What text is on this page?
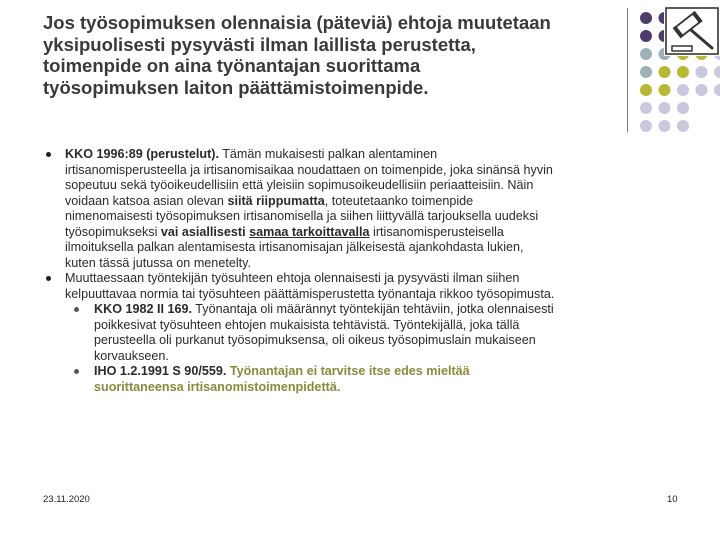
Jos työsopimuksen olennaisia (päteviä) ehtoja muutetaan
yksipuolisesti pysyvästi ilman laillista perustetta,
toimenpide on aina työnantajan suorittama
työsopimuksen laiton päättämistoimenpide.
KKO 1996:89 (perustelut). Tämän mukaisesti palkan alentaminen
irtisanomisperusteella ja irtisanomisaikaa noudattaen on toimenpide, joka sinänsä hyvin
sopeutuu sekä työoikeudellisiin että yleisiin sopimusoikeudellisiin periaatteisiin. Näin
voidaan katsoa asian olevan siitä riippumatta, toteutetaanko toimenpide
nimenomaisesti työsopimuksen irtisanomisella ja siihen liittyvällä tarjouksella uudeksi
työsopimukseksi vai asiallisesti samaa tarkoittavalla irtisanomisperusteisella
ilmoituksella palkan alentamisesta irtisanomisajan jälkeisestä ajankohdasta lukien,
kuten tässä jutussa on menetelty.
Muuttaessaan työntekijän työsuhteen ehtoja olennaisesti ja pysyvästi ilman siihen
kelpuuttavaa normia tai työsuhteen päättämisperustetta työnantaja rikkoo työsopimusta.
KKO 1982 II 169. Työnantaja oli määrännyt työntekijän tehtäviin, jotka olennaisesti
poikkesivat työsuhteen ehtojen mukaisista tehtävistä. Työntekijällä, joka tällä
perusteella oli purkanut työsopimuksensa, oli oikeus työsopimuslain mukaiseen
korvaukseen.
IHO 1.2.1991 S 90/559. Työnantajan ei tarvitse itse edes mieltää
suorittaneensa irtisanomistoimenpidettä.
23.11.2020	10
